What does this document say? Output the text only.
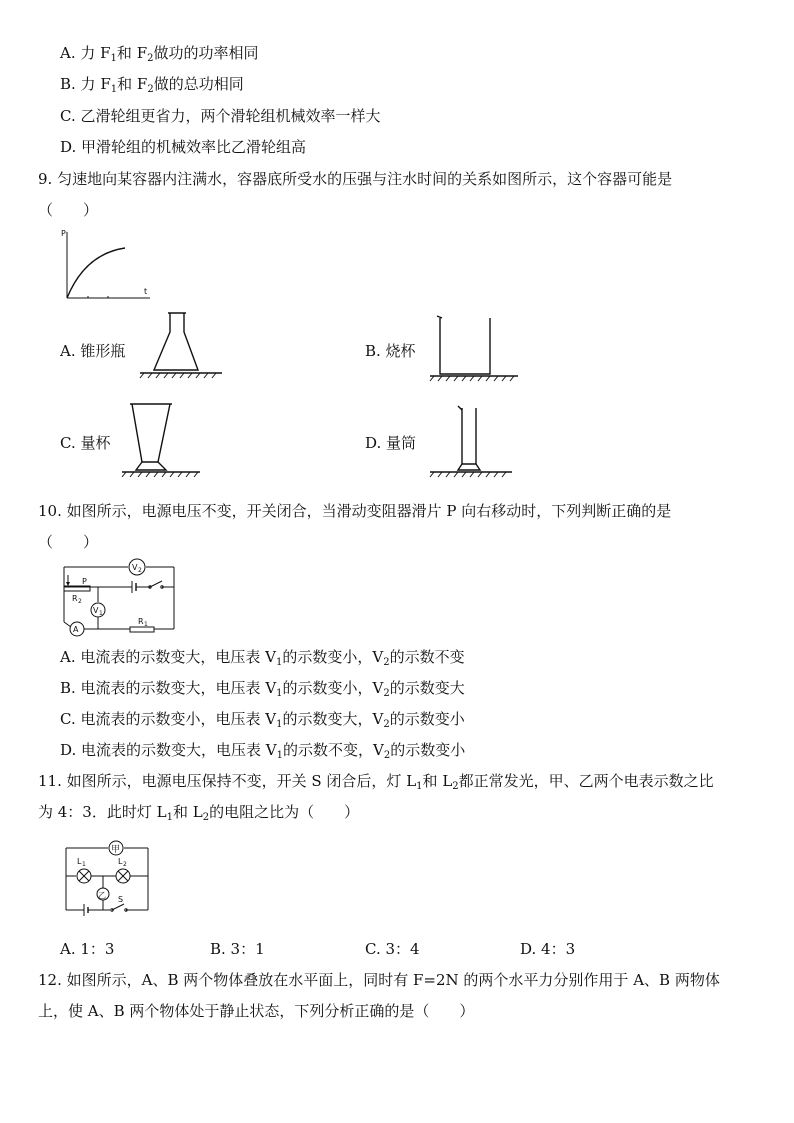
A. 力 $F_1$和 $F_2$做功的功率相同
B. 力 $F_1$和 $F_2$做的总功相同
C. 乙滑轮组更省力，两个滑轮组机械效率一样大
D. 甲滑轮组的机械效率比乙滑轮组高
9. 匀速地向某容器内注满水，容器底所受水的压强与注水时间的关系如图所示，这个容器可能是
（　　）
P
t
A. 锥形瓶	B. 烧杯
C. 量杯	D. 量筒
10. 如图所示，电源电压不变，开关闭合，当滑动变阻器滑片 P 向右移动时，下列判断正确的是
（　　）
V 2
P
R 2
V 1
A
R 1
A. 电流表的示数变大，电压表 $V_1$的示数变小，$V_2$的示数不变
B. 电流表的示数变大，电压表 $V_1$的示数变小，$V_2$的示数变大
C. 电流表的示数变小，电压表 $V_1$的示数变大，$V_2$的示数变小
D. 电流表的示数变大，电压表 $V_1$的示数不变，$V_2$的示数变小
11. 如图所示，电源电压保持不变，开关 S 闭合后，灯 $L_1$和 $L_2$都正常发光，甲、乙两个电表示数之比
为 4：3．此时灯 $L_1$和 $L_2$的电阻之比为（　　）
甲
L 1	L 2
乙 S
A. 1：3	B. 3：1	C. 3：4	D. 4：3
12. 如图所示，A、B 两个物体叠放在水平面上，同时有 F=2N 的两个水平力分别作用于 A、B 两物体
上，使 A、B 两个物体处于静止状态，下列分析正确的是（　　）
